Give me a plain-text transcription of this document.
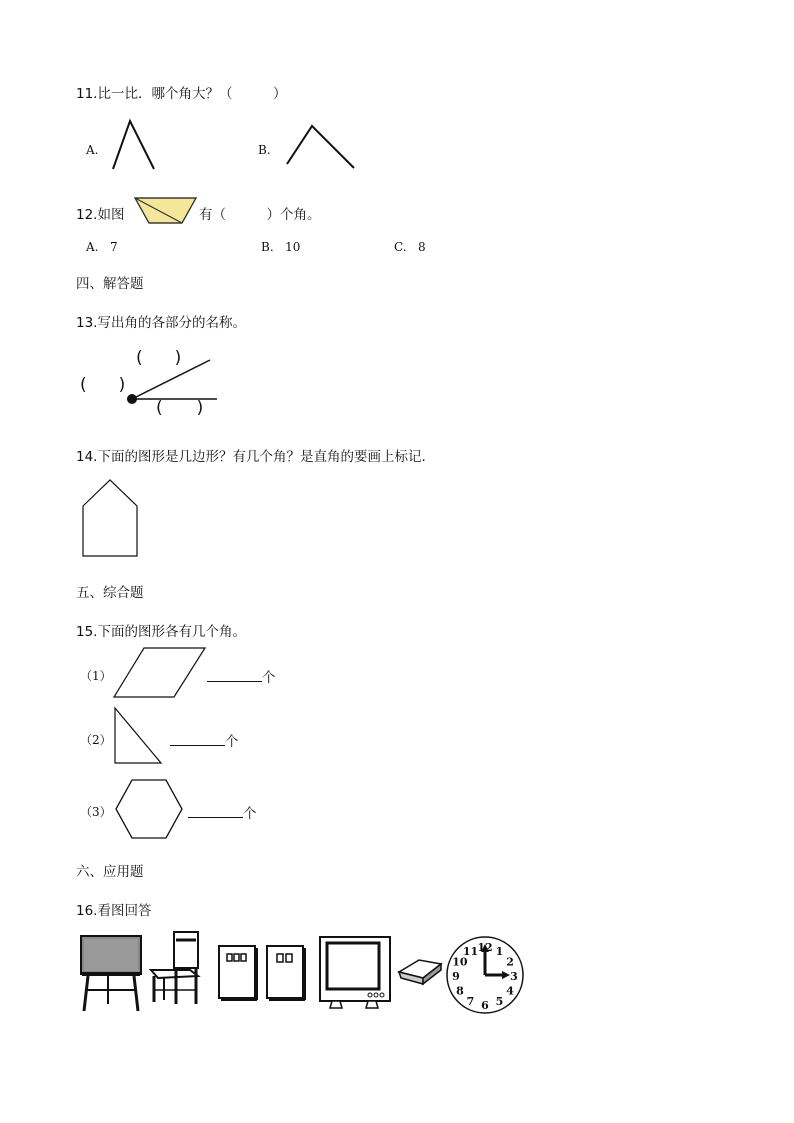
11.比一比．哪个角大？（　　　）
A.	B.
12.如图	有（　　　）个角。
A. 7	B. 10	C. 8
四、解答题
13.写出角的各部分的名称。
( )
( )
( )
14.下面的图形是几边形？有几个角？是直角的要画上标记．
五、综合题
15.下面的图形各有几个角。
（1）	个
（2）	个
（3）	个
六、应用题
16.看图回答
12 1
2
3
4
5
6
7
8
9
10
11
